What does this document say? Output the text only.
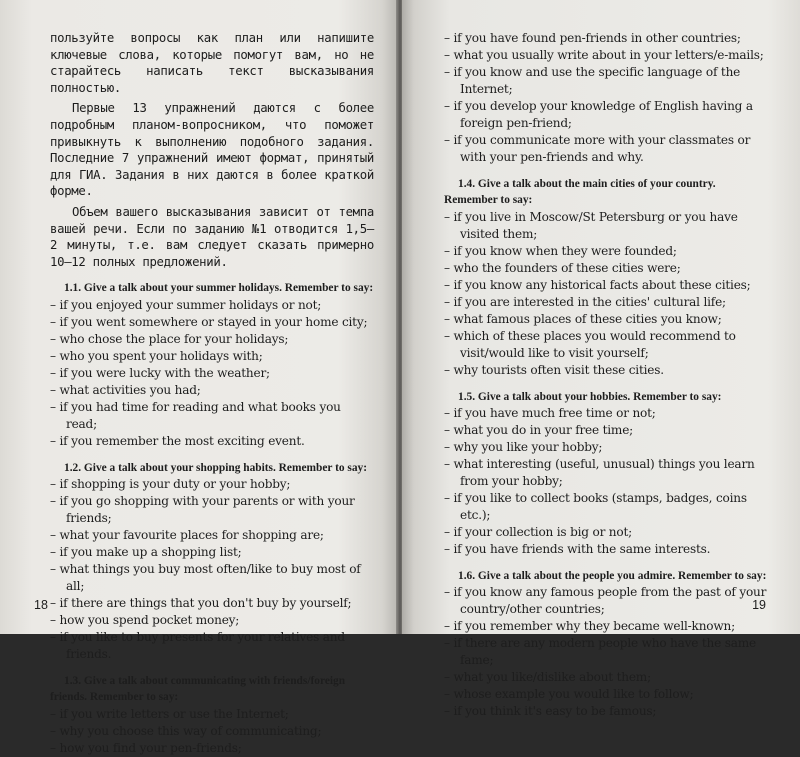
пользуйте вопросы как план или напишите ключевые слова, которые помогут вам, но не старайтесь написать текст высказывания полностью.

Первые 13 упражнений даются с более подробным планом-вопросником, что поможет привыкнуть к выполнению подобного задания. Последние 7 упражнений имеют формат, принятый для ГИА. Задания в них даются в более краткой форме.

Объем вашего высказывания зависит от темпа вашей речи. Если по заданию №1 отводится 1,5—2 минуты, т.е. вам следует сказать примерно 10—12 полных предложений.

1.1. Give a talk about your summer holidays. Remember to say:

– if you enjoyed your summer holidays or not;
– if you went somewhere or stayed in your home city;
– who chose the place for your holidays;
– who you spent your holidays with;
– if you were lucky with the weather;
– what activities you had;
– if you had time for reading and what books you read;
– if you remember the most exciting event.

1.2. Give a talk about your shopping habits. Remember to say:

– if shopping is your duty or your hobby;
– if you go shopping with your parents or with your friends;
– what your favourite places for shopping are;
– if you make up a shopping list;
– what things you buy most often/like to buy most of all;
– if there are things that you don't buy by yourself;
– how you spend pocket money;
– if you like to buy presents for your relatives and friends.

1.3. Give a talk about communicating with friends/foreign friends. Remember to say:

– if you write letters or use the Internet;
– why you choose this way of communicating;
– how you find your pen-friends;
18
– if you have found pen-friends in other countries;
– what you usually write about in your letters/e-mails;
– if you know and use the specific language of the Internet;
– if you develop your knowledge of English having a foreign pen-friend;
– if you communicate more with your classmates or with your pen-friends and why.

1.4. Give a talk about the main cities of your country. Remember to say:

– if you live in Moscow/St Petersburg or you have visited them;
– if you know when they were founded;
– who the founders of these cities were;
– if you know any historical facts about these cities;
– if you are interested in the cities' cultural life;
– what famous places of these cities you know;
– which of these places you would recommend to visit/would like to visit yourself;
– why tourists often visit these cities.

1.5. Give a talk about your hobbies. Remember to say:

– if you have much free time or not;
– what you do in your free time;
– why you like your hobby;
– what interesting (useful, unusual) things you learn from your hobby;
– if you like to collect books (stamps, badges, coins etc.);
– if your collection is big or not;
– if you have friends with the same interests.

1.6. Give a talk about the people you admire. Remember to say:

– if you know any famous people from the past of your country/other countries;
– if you remember why they became well-known;
– if there are any modern people who have the same fame;
– what you like/dislike about them;
– whose example you would like to follow;
– if you think it's easy to be famous;
19
